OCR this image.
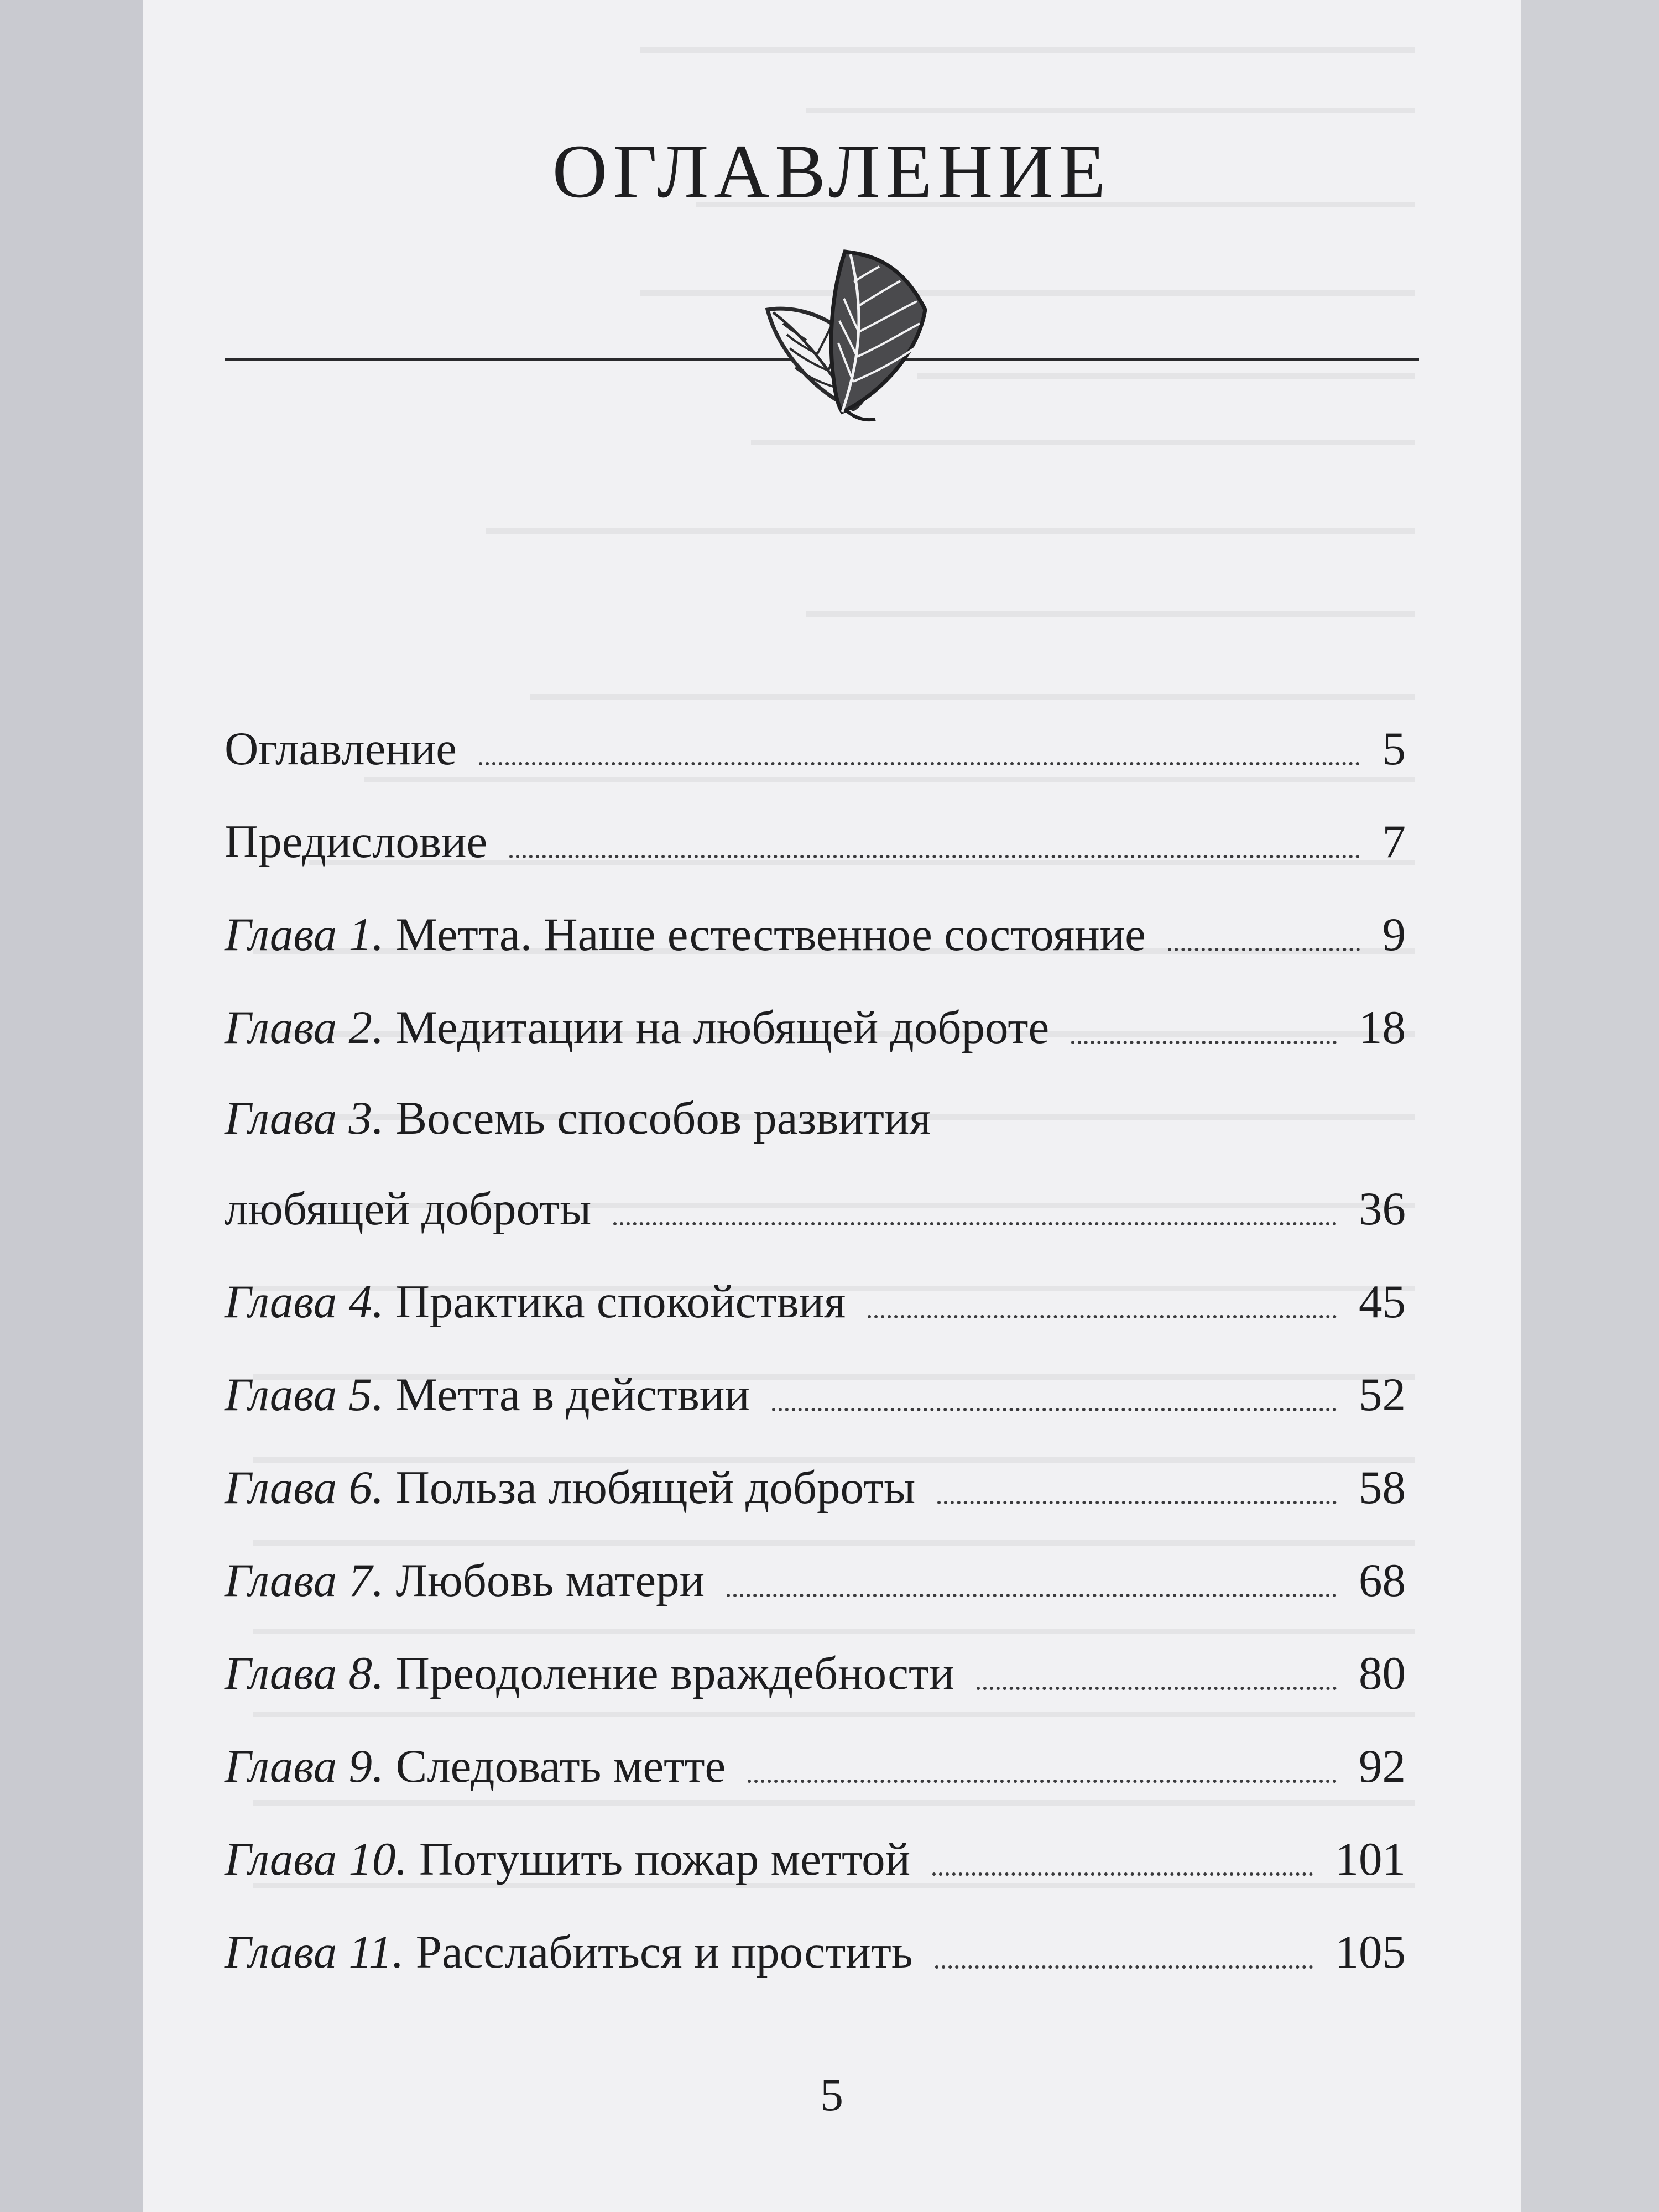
ОГЛАВЛЕНИЕ
Оглавление	5
Предисловие	7
Глава 1. Метта. Наше естественное состояние	9
Глава 2. Медитации на любящей доброте	18
Глава 3. Восемь способов развития
любящей доброты	36
Глава 4. Практика спокойствия	45
Глава 5. Метта в действии	52
Глава 6. Польза любящей доброты	58
Глава 7. Любовь матери	68
Глава 8. Преодоление враждебности	80
Глава 9. Следовать метте	92
Глава 10. Потушить пожар меттой	101
Глава 11. Расслабиться и простить	105
5
